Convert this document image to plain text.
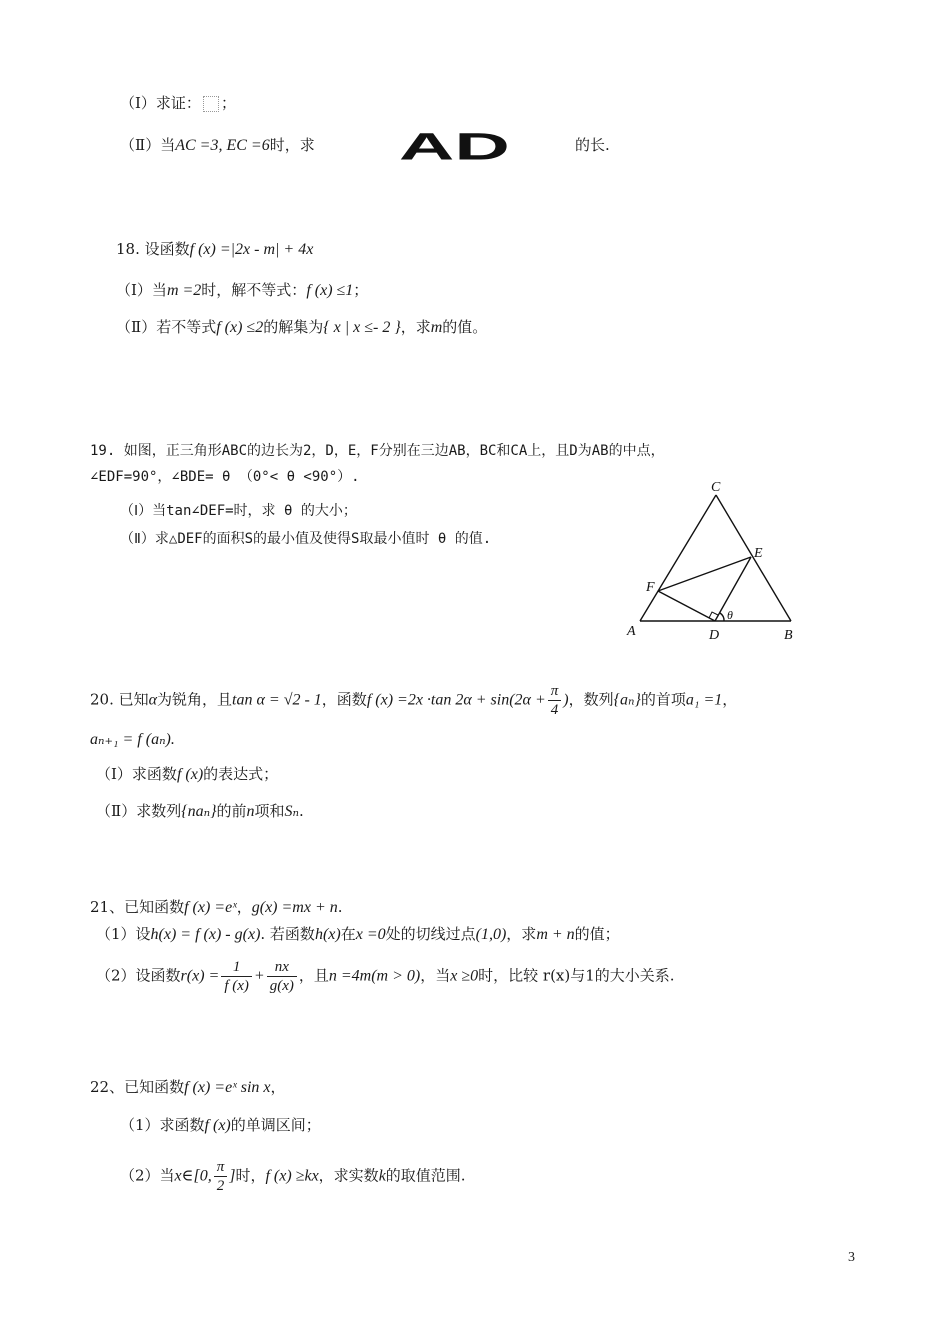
（Ⅰ）求证： ；
（Ⅱ）当AC =3, EC =6时，求 AD	的长.
18. 设函数f (x) =|2x - m| + 4x
（Ⅰ）当m =2时，解不等式：f (x) ≤1；
（Ⅱ）若不等式f (x) ≤2的解集为{ x | x ≤- 2 }，求m的值。
19. 如图，正三角形ABC的边长为2，D，E，F分别在三边AB，BC和CA上，且D为AB的中点，
∠EDF=90°，∠BDE= θ （0°< θ <90°）.
（Ⅰ）当tan∠DEF=时，求 θ 的大小；
（Ⅱ）求△DEF的面积S的最小值及使得S取最小值时 θ 的值.
C
E
F
A	D	B
θ
20. 已知α为锐角，且tan α = √2 - 1，函数f (x) =2x ·tan $2\alpha + \sin(2\alpha + \frac{\pi}{4}$ )，数列{aₙ}的首项a₁ =1，
aₙ₊₁ = f (aₙ).
（Ⅰ）求函数f (x)的表达式；
（Ⅱ）求数列{naₙ}的前n项和Sₙ.
21、已知函数f (x) =eˣ，g(x) =mx + n.
（1）设h(x) = f (x) - g(x). 若函数h(x)在x =0处的切线过点(1,0)，求m + n的值；
（2）设函数$r(x) = \frac{1}{f (x)} + \frac{nx}{g(x)}$ ，且n =4m(m > 0)，当x ≥0时，比较 r(x)与1的大小关系.
22、已知函数f (x) =eˣ sin x，
（1）求函数f (x)的单调区间；
（2）当x∈[0, $\frac{\pi}{2}$ ]时，f (x) ≥kx，求实数k的取值范围.
3
